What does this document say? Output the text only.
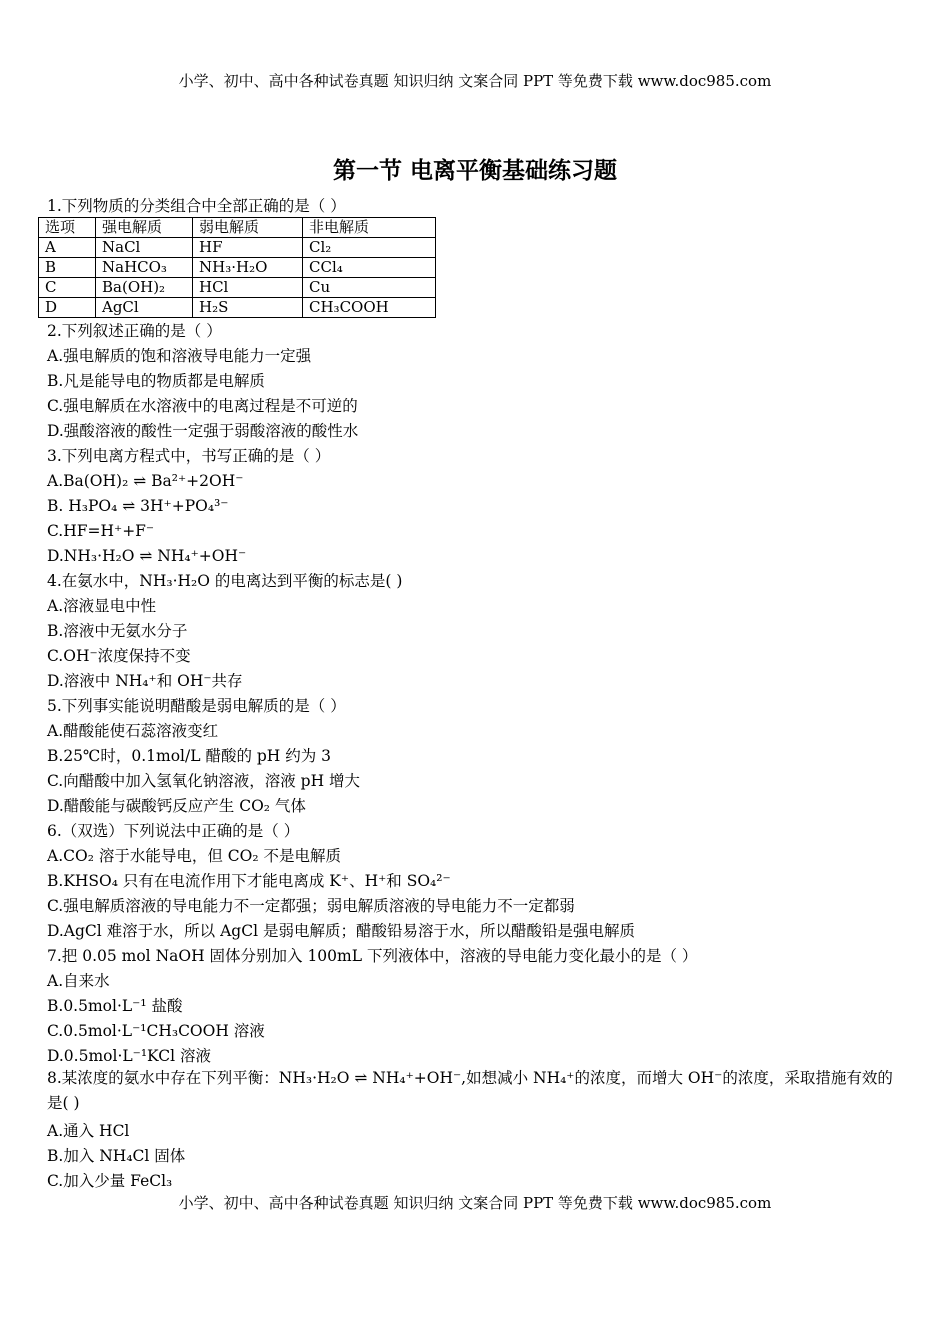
小学、初中、高中各种试卷真题 知识归纳 文案合同 PPT 等免费下载 www.doc985.com
第一节 电离平衡基础练习题
1.下列物质的分类组合中全部正确的是（ ）
选项	强电解质	弱电解质	非电解质
A	NaCl	HF	Cl₂
B	NaHCO₃	NH₃·H₂O	CCl₄
C	Ba(OH)₂	HCl	Cu
D	AgCl	H₂S	CH₃COOH
2.下列叙述正确的是（ ）
A.强电解质的饱和溶液导电能力一定强
B.凡是能导电的物质都是电解质
C.强电解质在水溶液中的电离过程是不可逆的
D.强酸溶液的酸性一定强于弱酸溶液的酸性水
3.下列电离方程式中，书写正确的是（ ）
A.Ba(OH)₂ ⇌ Ba²⁺+2OH⁻
B. H₃PO₄ ⇌ 3H⁺+PO₄³⁻
C.HF=H⁺+F⁻
D.NH₃·H₂O ⇌ NH₄⁺+OH⁻
4.在氨水中，NH₃·H₂O 的电离达到平衡的标志是( )
A.溶液显电中性
B.溶液中无氨水分子
C.OH⁻浓度保持不变
D.溶液中 NH₄⁺和 OH⁻共存
5.下列事实能说明醋酸是弱电解质的是（ ）
A.醋酸能使石蕊溶液变红
B.25℃时，0.1mol/L 醋酸的 pH 约为 3
C.向醋酸中加入氢氧化钠溶液，溶液 pH 增大
D.醋酸能与碳酸钙反应产生 CO₂ 气体
6.（双选）下列说法中正确的是（ ）
A.CO₂ 溶于水能导电，但 CO₂ 不是电解质
B.KHSO₄ 只有在电流作用下才能电离成 K⁺、H⁺和 SO₄²⁻
C.强电解质溶液的导电能力不一定都强；弱电解质溶液的导电能力不一定都弱
D.AgCl 难溶于水，所以 AgCl 是弱电解质；醋酸铅易溶于水，所以醋酸铅是强电解质
7.把 0.05 mol NaOH 固体分别加入 100mL 下列液体中，溶液的导电能力变化最小的是（ ）
A.自来水
B.0.5mol·L⁻¹ 盐酸
C.0.5mol·L⁻¹CH₃COOH 溶液
D.0.5mol·L⁻¹KCl 溶液
8.某浓度的氨水中存在下列平衡：NH₃·H₂O ⇌ NH₄⁺+OH⁻,如想减小 NH₄⁺的浓度，而增大 OH⁻的浓度，采取措施有效的是( )
A.通入 HCl
B.加入 NH₄Cl 固体
C.加入少量 FeCl₃
小学、初中、高中各种试卷真题 知识归纳 文案合同 PPT 等免费下载 www.doc985.com
